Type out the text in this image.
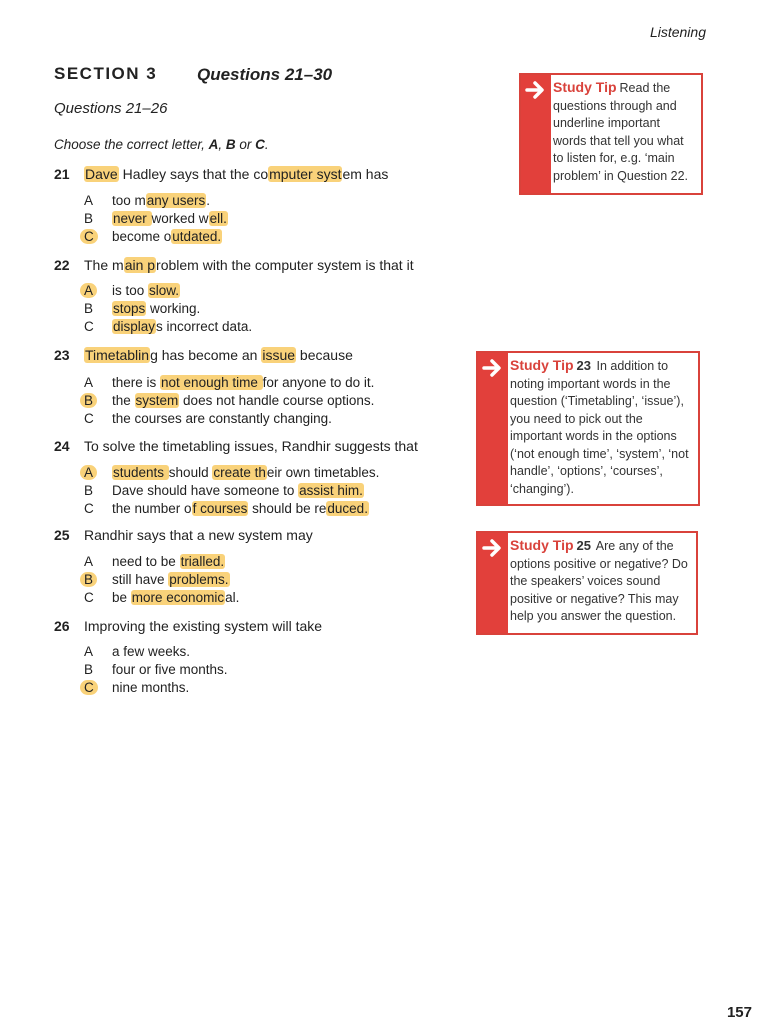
Listening
SECTION 3 Questions 21–30
Questions 21–26
Choose the correct letter, A, B or C.
21 Dave Hadley says that the computer system has
A too many users.
B never worked well.
C become outdated.
22 The main problem with the computer system is that it
A is too slow.
B stops working.
C displays incorrect data.
23 Timetabling has become an issue because
A there is not enough time for anyone to do it.
B the system does not handle course options.
C the courses are constantly changing.
24 To solve the timetabling issues, Randhir suggests that
A students should create their own timetables.
B Dave should have someone to assist him.
C the number of courses should be reduced.
25 Randhir says that a new system may
A need to be trialled.
B still have problems.
C be more economical.
26 Improving the existing system will take
A a few weeks.
B four or five months.
C nine months.
Study Tip Read the questions through and underline important words that tell you what to listen for, e.g. ‘main problem’ in Question 22.
Study Tip 23 In addition to noting important words in the question (‘Timetabling’, ‘issue’), you need to pick out the important words in the options (‘not enough time’, ‘system’, ‘not handle’, ‘options’, ‘courses’, ‘changing’).
Study Tip 25 Are any of the options positive or negative? Do the speakers’ voices sound positive or negative? This may help you answer the question.
157
